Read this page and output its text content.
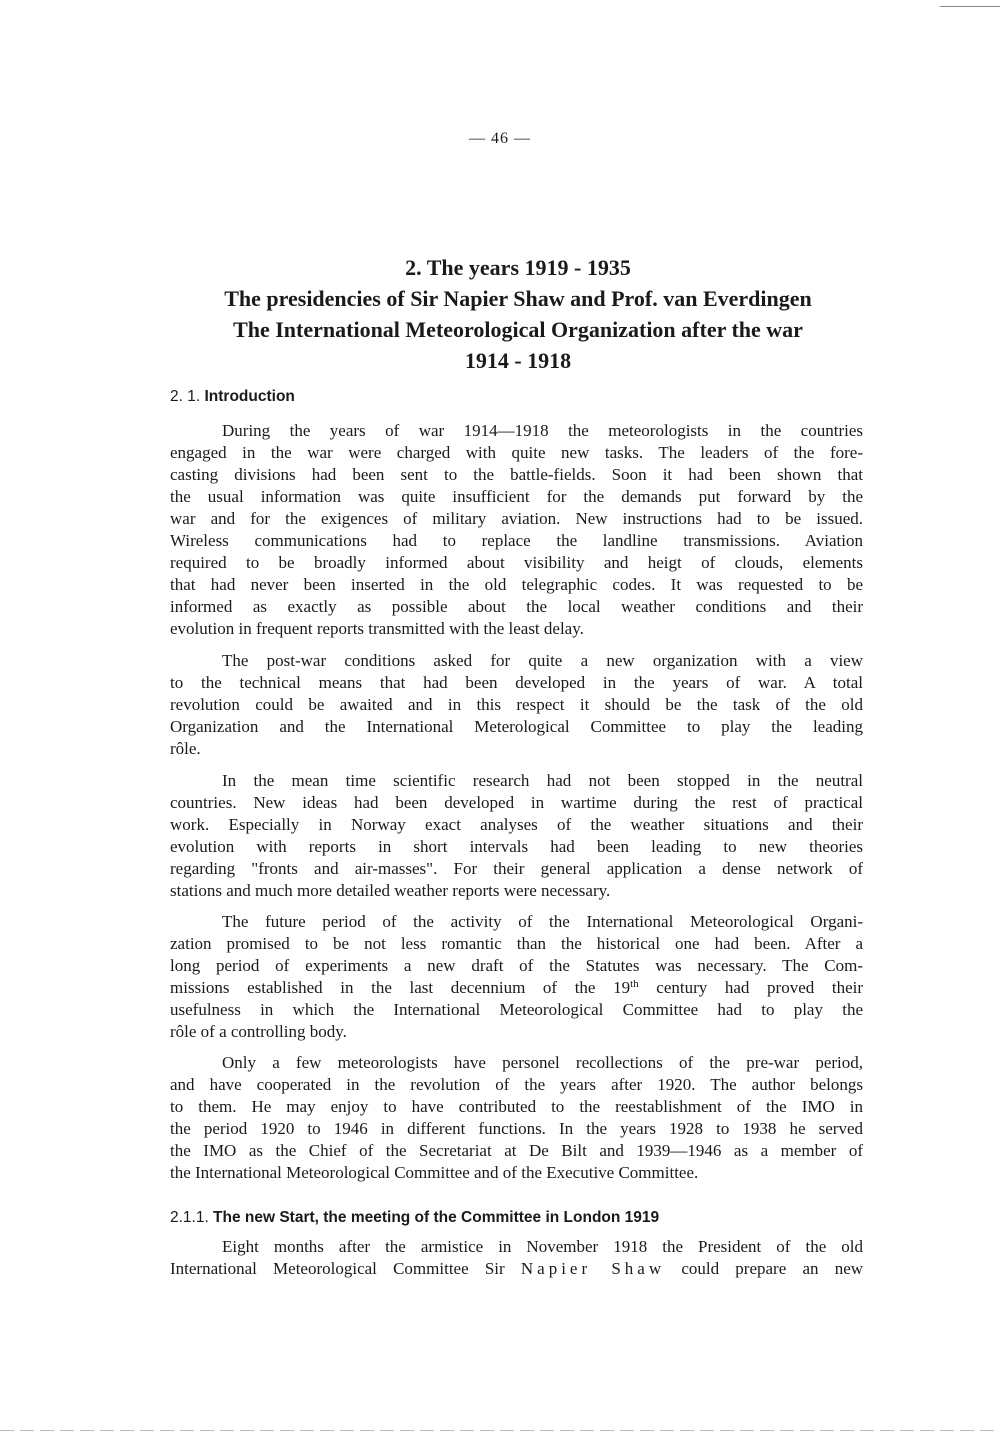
— 46 —
2. The years 1919 - 1935
The presidencies of Sir Napier Shaw and Prof. van Everdingen
The International Meteorological Organization after the war
1914 - 1918
2. 1. Introduction
During the years of war 1914—1918 the meteorologists in the countries
engaged in the war were charged with quite new tasks. The leaders of the fore-
casting divisions had been sent to the battle-fields. Soon it had been shown that
the usual information was quite insufficient for the demands put forward by the
war and for the exigences of military aviation. New instructions had to be issued.
Wireless communications had to replace the landline transmissions. Aviation
required to be broadly informed about visibility and heigt of clouds, elements
that had never been inserted in the old telegraphic codes. It was requested to be
informed as exactly as possible about the local weather conditions and their
evolution in frequent reports transmitted with the least delay.
The post-war conditions asked for quite a new organization with a view
to the technical means that had been developed in the years of war. A total
revolution could be awaited and in this respect it should be the task of the old
Organization and the International Meterological Committee to play the leading
rôle.
In the mean time scientific research had not been stopped in the neutral
countries. New ideas had been developed in wartime during the rest of practical
work. Especially in Norway exact analyses of the weather situations and their
evolution with reports in short intervals had been leading to new theories
regarding "fronts and air-masses". For their general application a dense network of
stations and much more detailed weather reports were necessary.
The future period of the activity of the International Meteorological Organi-
zation promised to be not less romantic than the historical one had been. After a
long period of experiments a new draft of the Statutes was necessary. The Com-
missions established in the last decennium of the 19th century had proved their
usefulness in which the International Meteorological Committee had to play the
rôle of a controlling body.
Only a few meteorologists have personel recollections of the pre-war period,
and have cooperated in the revolution of the years after 1920. The author belongs
to them. He may enjoy to have contributed to the reestablishment of the IMO in
the period 1920 to 1946 in different functions. In the years 1928 to 1938 he served
the IMO as the Chief of the Secretariat at De Bilt and 1939—1946 as a member of
the International Meteorological Committee and of the Executive Committee.
2.1.1. The new Start, the meeting of the Committee in London 1919
Eight months after the armistice in November 1918 the President of the old
International Meteorological Committee Sir Napier Shaw could prepare an new
